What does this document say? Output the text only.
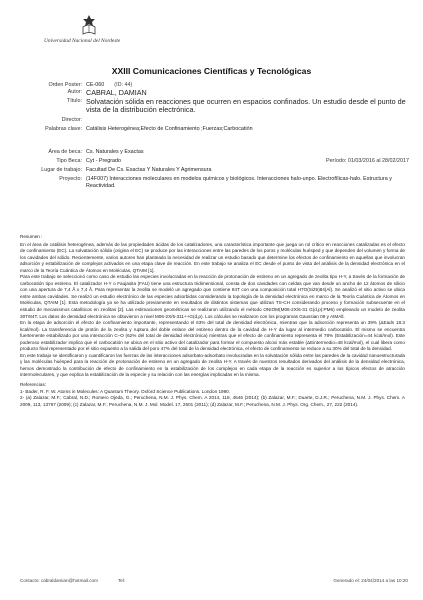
Universidad Nacional del Nordeste
XXIII Comunicaciones Científicas y Tecnológicas
Orden Poster: CE-060 (ID: 44)
Autor: CABRAL, DAMIAN
Título: Solvatación sólida en reacciones que ocurren en espacios confinados. Un estudio desde el punto de vista de la distribución electrónica.
Director:
Palabras clave: Catálisis Heterogénea;Efecto de Confinamiento ;Fuerzas;Carbocatión
Área de beca: Cs. Naturales y Exactas
Tipo Beca: Cyt - Pregrado	Período: 01/03/2016 al 28/02/2017
Lugar de trabajo: Facultad De Cs. Exactas Y Naturales Y Agrimensura
Proyecto: (14F007) Interacciones moleculares en modelos químicos y biológicos. Interacciones halo-unpo. Electrofílicas-halo. Estructura y Reactividad.

Resumen :

En el área de catálisis heterogénea, además de las propiedades ácidas de los catalizadores, una característica importante que juega un rol crítico en reacciones catalizadas es el efecto de confinamiento (EC). La solvatación sólida (origina el EC) se produce por las interacciones entre las paredes de los poros y moléculas huésped y que dependen del volumen y forma de los cavidades del sólido. Recientemente, varios autores han planteado la necesidad de realizar un estudio basado que determine los efectos de confinamiento en aquellas que involucran adsorción y estabilización de complejos activados en una etapa clave de reacción. En este trabajo se analiza el EC desde el punto de vista del análisis de la densidad electrónica en el marco de la Teoría Cuántica de Átomos en Moléculas, QTAIM [1].

Para este trabajo se seleccionó como caso de estudio las especies involucradas en la reacción de protonación de estireno en un agregado de zeolita tipo H-Y, a través de la formación de carbocatión tipo estireno. El catalizador H-Y o Faujasita (FAU) tiene una estructura tridimensional, consta de dos cavidades con celdas que van desde un ancho de 12 átomos de silicio con una apertura de 7,4 Å x 7,4 Å. Para representar la zeolita se modeló un agregado que contiene 84T con una composición total H7O(Si25)84(Al). Se analizó el sitio activo se ubica entre ambas cavidades. Se realizó un estudio electrónico de las especies adsorbidas considerando la topología de la densidad electrónica en marco de la Teoría Cuántica de Átomos en Moléculas, QTAIM [1]. Esta metodología ya se ha utilizado previamente en resultados de distintos sistemas que utilizan TS-CH considerando proceso y formación subsecuente en el estudio de mecanismos catalíticos en zeolitas [2]. Las estimaciones geométricas se realizaron utilizando el método ONIOM(M06-2X/6-31 G(d,p):PM6) empleando un modelo de zeolita 30T/84T. Los datos de densidad electrónica se obtuvieron a nivel M06-2X/6-311++G(d,p). Los cálculos se realizaron con los programas Gaussian 09 y AIMAll.

En la etapa de adsorción el efecto de confinamiento importante, representando el 63% del total de densidad electrónica, mientras que la adsorción representa un 39% (ΔEads 18.3 kcal/mol). La transferencia de protón de la zeolita y ruptura del doble enlace del estireno dentro de la cavidad de H-Y da lugar al intermedio carbocatión. El mismo se encuentra fuertemente estabilizado por una interacción C–O (62% del total de densidad electrónica) mientras que el efecto de confinamiento representa el 78% (Estabilización=44 kcal/mol). Este poderoso estabilizador implica que el carbocatión se ubica en el sitio activo del catalizador para formar el compuesto alcoxi más estable (ΔEintermedio=48 kcal/mol), el cual libera como producto final representado por el sitio expuesto a la salida del poro 47% del total de la densidad electrónica, el efecto de confinamiento se reduce a su 30% del total de la densidad.

En este trabajo se identificaron y cuantificaron las fuerzas de las interacciones adsorbato-adsorbato involucradas en la solvatación sólida entre las paredes de la cavidad nanoestructurada y las moléculas huésped para la reacción de protonación de estireno en un agregado de zeolita H-Y. A través de nuestros resultados derivados del análisis de la densidad electrónica, hemos demostrado la contribución de efecto de confinamiento en la estabilización de los complejos en cada etapa de la reacción es superior a los típicos efectos de atracción intermoleculares, y que explica la estabilización de la especie y su relación con las energías implicadas en la misma.

Referencias:

1- Bader, R. F. W. Atoms in Molecules: A Quantum Theory. Oxford Science Publications. London 1990.

2- (a) Zalazar, M.F.; Cabral, N.D.; Romero Ojeda, G.; Peruchena, N.M. J. Phys. Chem. A 2014, 118, 4646 (2014); (b) Zalazar, M.F.; Duarte, D.J.R.; Peruchena, N.M. J. Phys. Chem. A 2009, 113, 13797 (2009); (c) Zalazar, M.F.; Peruchena, N.M. J. Mol. Model. 17, 2501 (2011); (d) Zalazar, M.F.; Peruchena, N.M. J. Phys. Org. Chem., 27, 222 (2014).

Contacto: cabraldamian@hotmail.com	Tel:	Generado el: 24/04/2014 a las 10:20
